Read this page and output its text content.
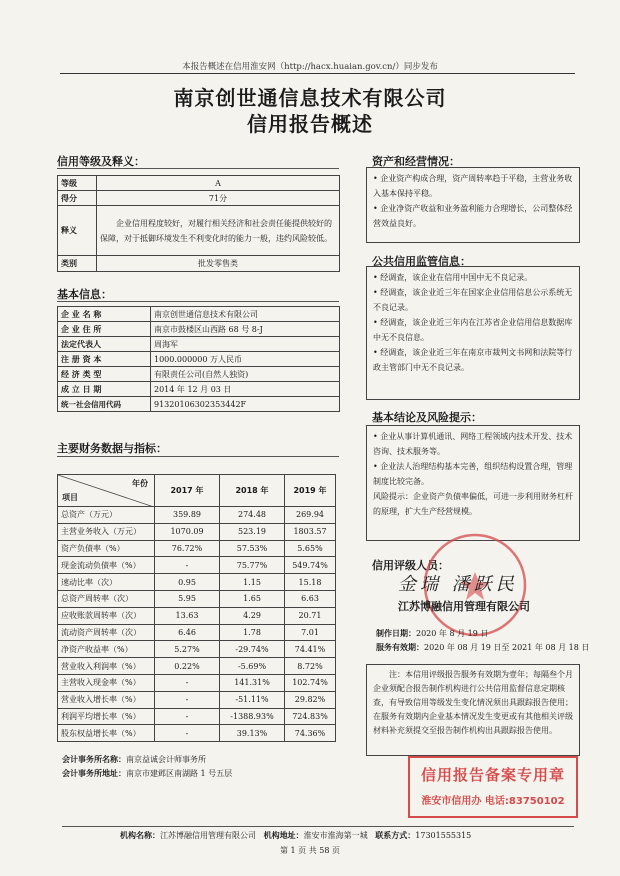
本报告概述在信用淮安网（http://hacx.huaian.gov.cn/）同步发布
南京创世通信息技术有限公司
信用报告概述
信用等级及释义：
等级	A
得分	71分
释义	企业信用程度较好，对履行相关经济和社会责任能提供较好的保障，对于抵御环境发生不利变化时的能力一般，违约风险较低。
类别	批发零售类
基本信息：
企 业 名 称	南京创世通信息技术有限公司
企 业 住 所	南京市鼓楼区山西路 68 号 8-J
法定代表人	周海军
注 册 资 本	1000.000000 万人民币
经 济 类 型	有限责任公司(自然人独资)
成 立 日 期	2014 年 12 月 03 日
统一社会信用代码	91320106302353442F
主要财务数据与指标：
年份
项目	2017 年	2018 年	2019 年
总资产（万元）	359.89	274.48	269.94
主营业务收入（万元）	1070.09	523.19	1803.57
资产负债率（%）	76.72%	57.53%	5.65%
现金流动负债率（%）	-	75.77%	549.74%
速动比率（次）	0.95	1.15	15.18
总资产周转率（次）	5.95	1.65	6.63
应收账款周转率（次）	13.63	4.29	20.71
流动资产周转率（次）	6.46	1.78	7.01
净资产收益率（%）	5.27%	-29.74%	74.41%
营业收入利润率（%）	0.22%	-5.69%	8.72%
主营收入现金率（%）	-	141.31%	102.74%
营业收入增长率（%）	-	-51.11%	29.82%
利润平均增长率（%）	-	-1388.93%	724.83%
股东权益增长率（%）	-	39.13%	74.36%
会计事务所名称：南京益诚会计师事务所
会计事务所地址：南京市建邺区南湖路 1 号五层
资产和经营情况：

• 企业资产构成合理，资产周转率趋于平稳，主营业务收入基本保持平稳。

• 企业净资产收益和业务盈利能力合理增长，公司整体经营效益良好。

公共信用监管信息：

• 经调查，该企业在信用中国中无不良记录。

• 经调查，该企业近三年在国家企业信用信息公示系统无不良记录。

• 经调查，该企业近三年内在江苏省企业信用信息数据库中无不良信息。

• 经调查，该企业近三年在南京市裁判文书网和法院等行政主管部门中无不良记录。

基本结论及风险提示：

• 企业从事计算机通讯、网络工程领域内技术开发、技术咨询、技术服务等。

• 企业法人治理结构基本完善，组织结构设置合理，管理制度比较完备。

风险提示：企业资产负债率偏低，可进一步利用财务杠杆的原理，扩大生产经营规模。

信用评级人员：
金瑞 潘跃民
江苏博融信用管理有限公司
制作日期：2020 年 8 月 19 日
服务有效期：2020 年 08 月 19 日至 2021 年 08 月 18 日

注：本信用评级报告服务有效期为壹年；每隔叁个月企业须配合报告制作机构进行公共信用监督信息定期核查，有导致信用等级发生变化情况须出具跟踪报告使用；在服务有效期内企业基本情况发生变更或有其他相关评级材料补充须提交至报告制作机构出具跟踪报告使用。

信用报告备案专用章
淮安市信用办 电话:83750102
机构名称：江苏博融信用管理有限公司 机构地址：淮安市淮海第一城 联系方式：17301555315
第 1 页 共 58 页
